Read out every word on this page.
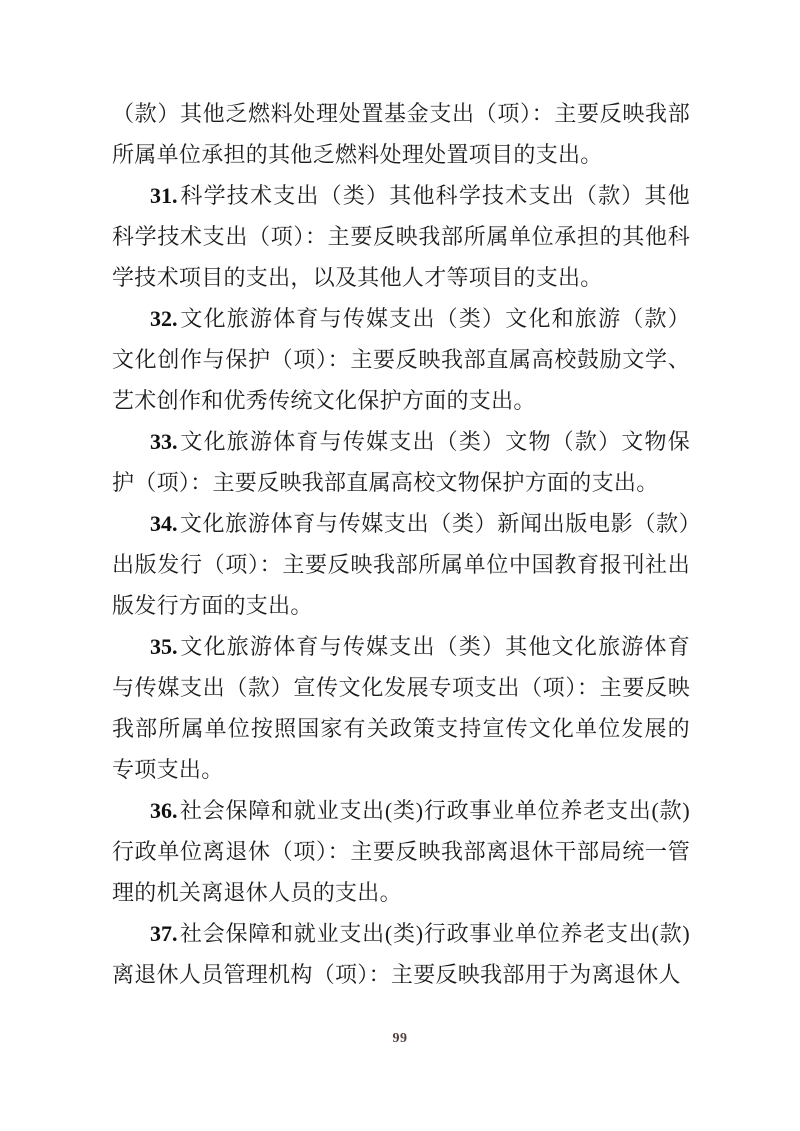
（款）其他乏燃料处理处置基金支出（项）：主要反映我部所属单位承担的其他乏燃料处理处置项目的支出。

31.科学技术支出（类）其他科学技术支出（款）其他科学技术支出（项）：主要反映我部所属单位承担的其他科学技术项目的支出，以及其他人才等项目的支出。

32.文化旅游体育与传媒支出（类）文化和旅游（款）文化创作与保护（项）：主要反映我部直属高校鼓励文学、艺术创作和优秀传统文化保护方面的支出。

33.文化旅游体育与传媒支出（类）文物（款）文物保护（项）：主要反映我部直属高校文物保护方面的支出。

34.文化旅游体育与传媒支出（类）新闻出版电影（款）出版发行（项）：主要反映我部所属单位中国教育报刊社出版发行方面的支出。

35.文化旅游体育与传媒支出（类）其他文化旅游体育与传媒支出（款）宣传文化发展专项支出（项）：主要反映我部所属单位按照国家有关政策支持宣传文化单位发展的专项支出。

36.社会保障和就业支出(类)行政事业单位养老支出(款)行政单位离退休（项）：主要反映我部离退休干部局统一管理的机关离退休人员的支出。

37.社会保障和就业支出(类)行政事业单位养老支出(款)离退休人员管理机构（项）：主要反映我部用于为离退休人

99
